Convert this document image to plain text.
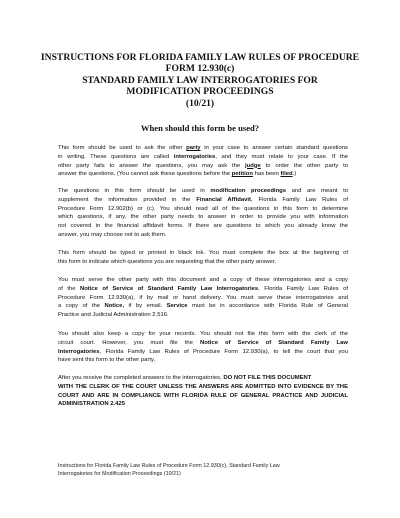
INSTRUCTIONS FOR FLORIDA FAMILY LAW RULES OF PROCEDURE
FORM 12.930(c)
STANDARD FAMILY LAW INTERROGATORIES FOR
MODIFICATION PROCEEDINGS
(10/21)
When should this form be used?
This form should be used to ask the other party in your case to answer certain standard questions
in writing. These questions are called interrogatories, and they must relate to your case. If the
other party fails to answer the questions, you may ask the judge to order the other party to
answer the questions. (You cannot ask these questions before the petition has been filed.)
The questions in this form should be used in modification proceedings and are meant to
supplement the information provided in the Financial Affidavit, Florida Family Law Rules of
Procedure Form 12.902(b) or (c). You should read all of the questions in this form to determine
which questions, if any, the other party needs to answer in order to provide you with information
not covered in the financial affidavit forms. If there are questions to which you already know the
answer, you may choose not to ask them.
This form should be typed or printed in black ink. You must complete the box at the beginning of
this form to indicate which questions you are requesting that the other party answer.
You must serve the other party with this document and a copy of these interrogatories and a copy
of the Notice of Service of Standard Family Law Interrogatories, Florida Family Law Rules of
Procedure Form 12.930(a), if by mail or hand delivery. You must serve these interrogatories and
a copy of the Notice, if by email. Service must be in accordance with Florida Rule of General
Practice and Judicial Administration 2.516.
You should also keep a copy for your records. You should not file this form with the clerk of the
circuit court. However, you must file the Notice of Service of Standard Family Law
Interrogatories, Florida Family Law Rules of Procedure Form 12.930(a), to tell the court that you
have sent this form to the other party.
After you receive the completed answers to the interrogatories, DO NOT FILE THIS DOCUMENT
WITH THE CLERK OF THE COURT UNLESS THE ANSWERS ARE ADMITTED INTO EVIDENCE BY THE
COURT AND ARE IN COMPLIANCE WITH FLORIDA RULE OF GENERAL PRACTICE AND JUDICIAL
ADMINISTRATION 2.425
Instructions for Florida Family Law Rules of Procedure Form 12.930(c), Standard Family Law
Interrogatories for Modification Proceedings (10/21)
